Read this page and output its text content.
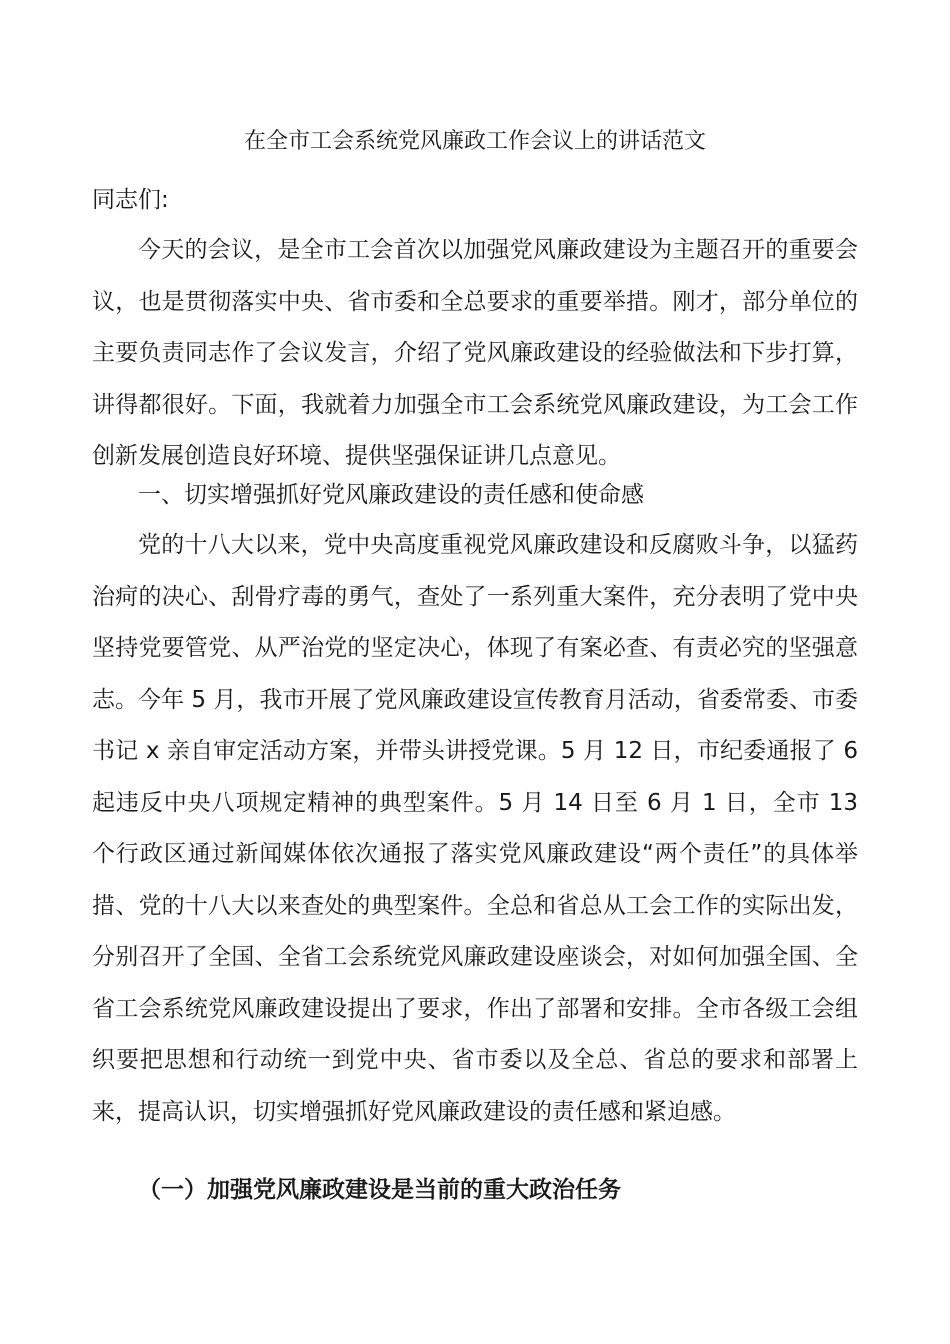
在全市工会系统党风廉政工作会议上的讲话范文

同志们:

今天的会议，是全市工会首次以加强党风廉政建设为主题召开的重要会议，也是贯彻落实中央、省市委和全总要求的重要举措。刚才，部分单位的主要负责同志作了会议发言，介绍了党风廉政建设的经验做法和下步打算，讲得都很好。下面，我就着力加强全市工会系统党风廉政建设，为工会工作创新发展创造良好环境、提供坚强保证讲几点意见。

一、切实增强抓好党风廉政建设的责任感和使命感

党的十八大以来，党中央高度重视党风廉政建设和反腐败斗争，以猛药治疴的决心、刮骨疗毒的勇气，查处了一系列重大案件，充分表明了党中央坚持党要管党、从严治党的坚定决心，体现了有案必查、有责必究的坚强意志。今年 5 月，我市开展了党风廉政建设宣传教育月活动，省委常委、市委书记 x 亲自审定活动方案，并带头讲授党课。5 月 12 日，市纪委通报了 6 起违反中央八项规定精神的典型案件。5 月 14 日至 6 月 1 日，全市 13 个行政区通过新闻媒体依次通报了落实党风廉政建设“两个责任”的具体举措、党的十八大以来查处的典型案件。全总和省总从工会工作的实际出发，分别召开了全国、全省工会系统党风廉政建设座谈会，对如何加强全国、全省工会系统党风廉政建设提出了要求，作出了部署和安排。全市各级工会组织要把思想和行动统一到党中央、省市委以及全总、省总的要求和部署上来，提高认识，切实增强抓好党风廉政建设的责任感和紧迫感。

（一）加强党风廉政建设是当前的重大政治任务
